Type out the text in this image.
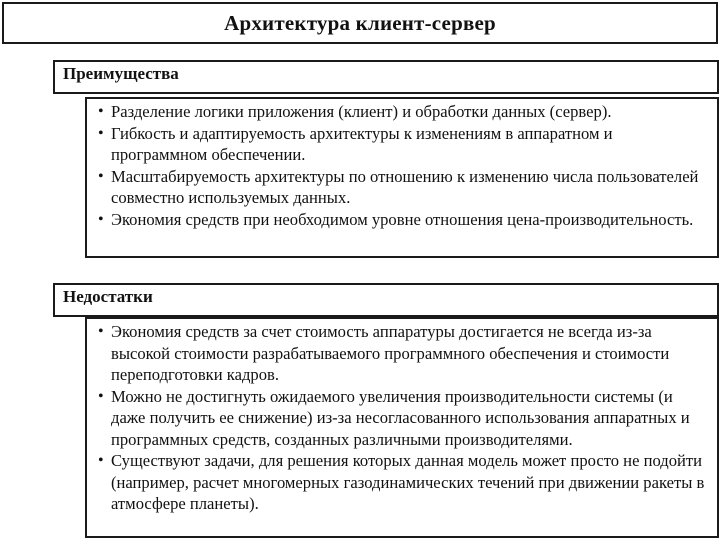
Архитектура клиент-сервер
Преимущества
• Разделение логики приложения (клиент) и обработки данных (сервер).
• Гибкость и адаптируемость архитектуры к изменениям в аппаратном и программном обеспечении.
• Масштабируемость архитектуры по отношению к изменению числа пользователей совместно используемых данных.
• Экономия средств при необходимом уровне отношения цена-производительность.
Недостатки
• Экономия средств за счет стоимость аппаратуры достигается не всегда из-за высокой стоимости разрабатываемого программного обеспечения и стоимости переподготовки кадров.
• Можно не достигнуть ожидаемого увеличения производительности системы (и даже получить ее снижение) из-за несогласованного использования аппаратных и программных средств, созданных различными производителями.
• Существуют задачи, для решения которых данная модель может просто не подойти (например, расчет многомерных газодинамических течений при движении ракеты в атмосфере планеты).
